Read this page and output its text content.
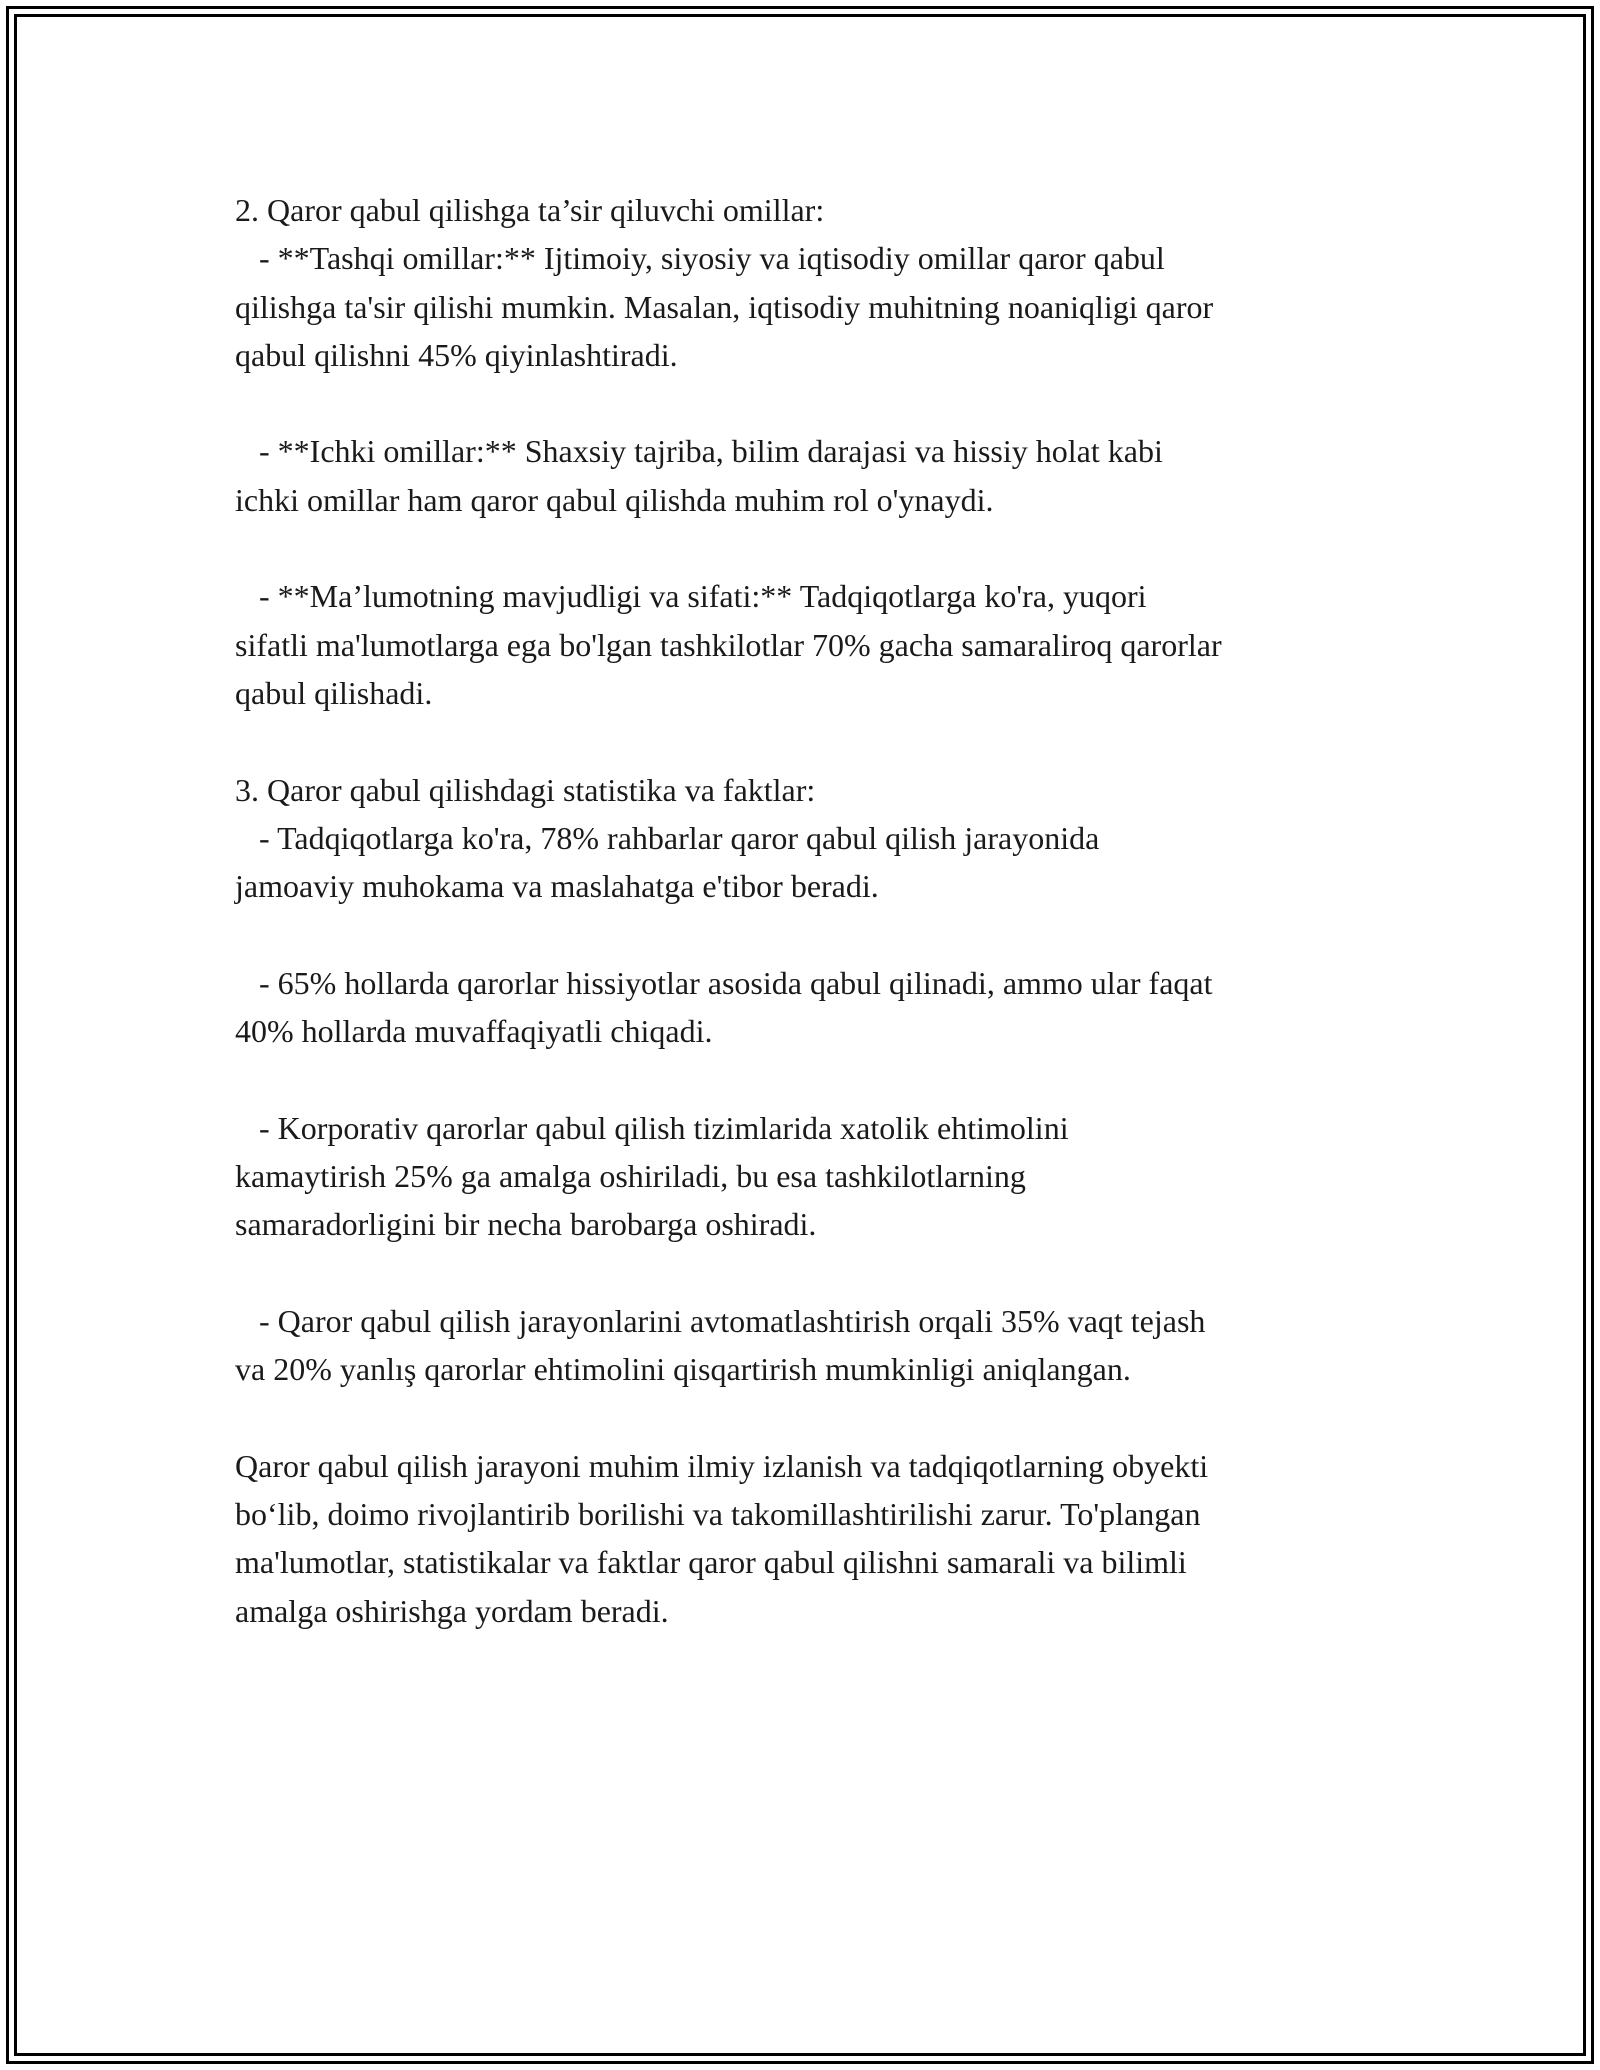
2. Qaror qabul qilishga ta’sir qiluvchi omillar:
- **Tashqi omillar:** Ijtimoiy, siyosiy va iqtisodiy omillar qaror qabul
qilishga ta'sir qilishi mumkin. Masalan, iqtisodiy muhitning noaniqligi qaror
qabul qilishni 45% qiyinlashtiradi.
- **Ichki omillar:** Shaxsiy tajriba, bilim darajasi va hissiy holat kabi
ichki omillar ham qaror qabul qilishda muhim rol o'ynaydi.
- **Ma’lumotning mavjudligi va sifati:** Tadqiqotlarga ko'ra, yuqori
sifatli ma'lumotlarga ega bo'lgan tashkilotlar 70% gacha samaraliroq qarorlar
qabul qilishadi.
3. Qaror qabul qilishdagi statistika va faktlar:
- Tadqiqotlarga ko'ra, 78% rahbarlar qaror qabul qilish jarayonida
jamoaviy muhokama va maslahatga e'tibor beradi.
- 65% hollarda qarorlar hissiyotlar asosida qabul qilinadi, ammo ular faqat
40% hollarda muvaffaqiyatli chiqadi.
- Korporativ qarorlar qabul qilish tizimlarida xatolik ehtimolini
kamaytirish 25% ga amalga oshiriladi, bu esa tashkilotlarning
samaradorligini bir necha barobarga oshiradi.
- Qaror qabul qilish jarayonlarini avtomatlashtirish orqali 35% vaqt tejash
va 20% yanlış qarorlar ehtimolini qisqartirish mumkinligi aniqlangan.
Qaror qabul qilish jarayoni muhim ilmiy izlanish va tadqiqotlarning obyekti
bo‘lib, doimo rivojlantirib borilishi va takomillashtirilishi zarur. To'plangan
ma'lumotlar, statistikalar va faktlar qaror qabul qilishni samarali va bilimli
amalga oshirishga yordam beradi.
